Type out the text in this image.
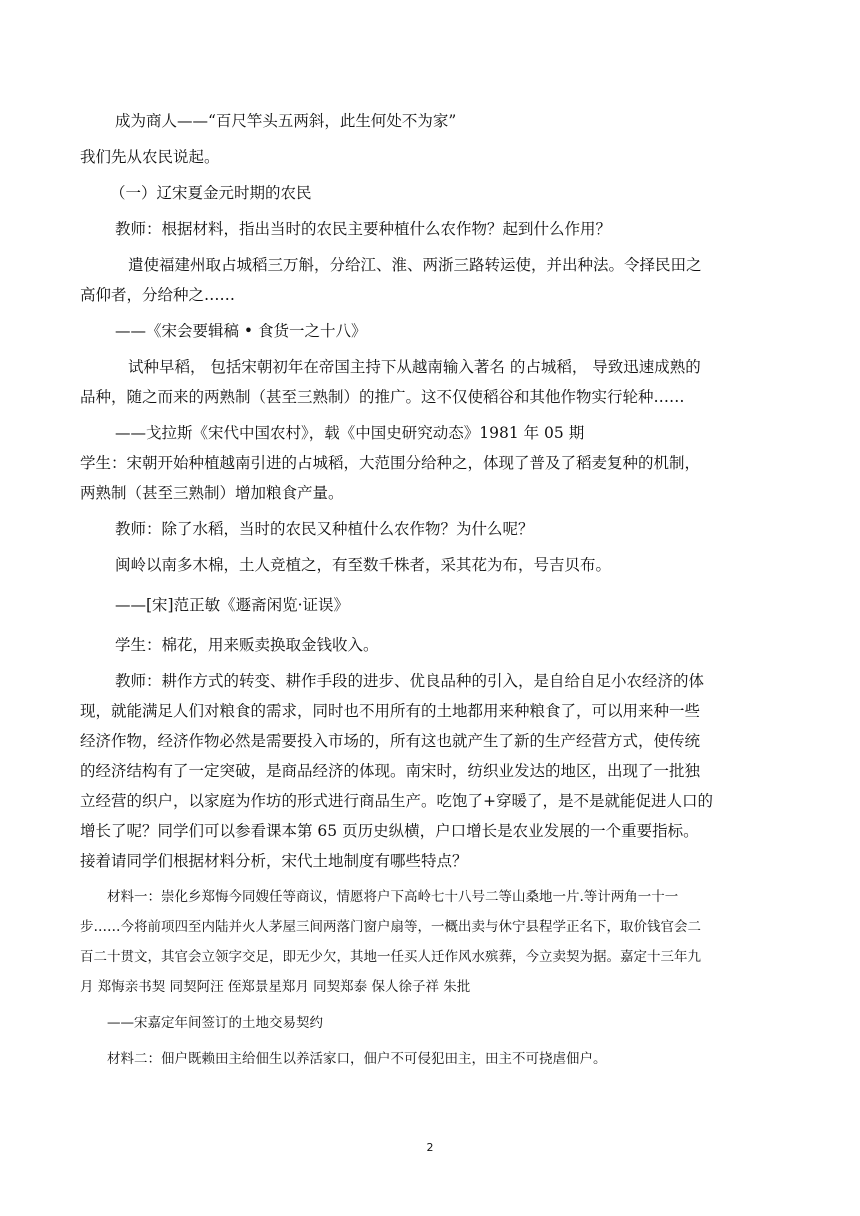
成为商人——“百尺竿头五两斜，此生何处不为家”
我们先从农民说起。
（一）辽宋夏金元时期的农民
教师：根据材料，指出当时的农民主要种植什么农作物？起到什么作用？
遣使福建州取占城稻三万斛，分给江、淮、两浙三路转运使，并出种法。令择民田之
高仰者，分给种之……
——《宋会要辑稿 • 食货一之十八》
试种早稻， 包括宋朝初年在帝国主持下从越南输入著名 的占城稻， 导致迅速成熟的
品种，随之而来的两熟制（甚至三熟制）的推广。这不仅使稻谷和其他作物实行轮种……
——戈拉斯《宋代中国农村》，载《中国史研究动态》1981 年 05 期
学生：宋朝开始种植越南引进的占城稻，大范围分给种之，体现了普及了稻麦复种的机制，
两熟制（甚至三熟制）增加粮食产量。
教师：除了水稻，当时的农民又种植什么农作物？为什么呢？
闽岭以南多木棉，土人竞植之，有至数千株者，采其花为布，号吉贝布。
——[宋]范正敏《遯斋闲览·证误》
学生：棉花，用来贩卖换取金钱收入。
教师：耕作方式的转变、耕作手段的进步、优良品种的引入，是自给自足小农经济的体
现，就能满足人们对粮食的需求，同时也不用所有的土地都用来种粮食了，可以用来种一些
经济作物，经济作物必然是需要投入市场的，所有这也就产生了新的生产经营方式，使传统
的经济结构有了一定突破，是商品经济的体现。南宋时，纺织业发达的地区，出现了一批独
立经营的织户，以家庭为作坊的形式进行商品生产。吃饱了+穿暖了，是不是就能促进人口的
增长了呢？同学们可以参看课本第 65 页历史纵横，户口增长是农业发展的一个重要指标。
接着请同学们根据材料分析，宋代土地制度有哪些特点？
材料一：崇化乡郑悔今同嫂任等商议，情愿将户下高岭七十八号二等山桑地一片.等计两角一十一
步……今将前项四至内陆并火人茅屋三间两落门窗户扇等，一概出卖与休宁县程学正名下，取价钱官会二
百二十贯文，其官会立领字交足，即无少欠，其地一任买人迁作风水殡葬，今立卖契为据。嘉定十三年九
月 郑悔亲书契 同契阿汪 侄郑景星郑月 同契郑泰 保人徐子祥 朱批
——宋嘉定年间签订的土地交易契约
材料二：佃户既赖田主给佃生以养活家口，佃户不可侵犯田主，田主不可挠虐佃户。
2
